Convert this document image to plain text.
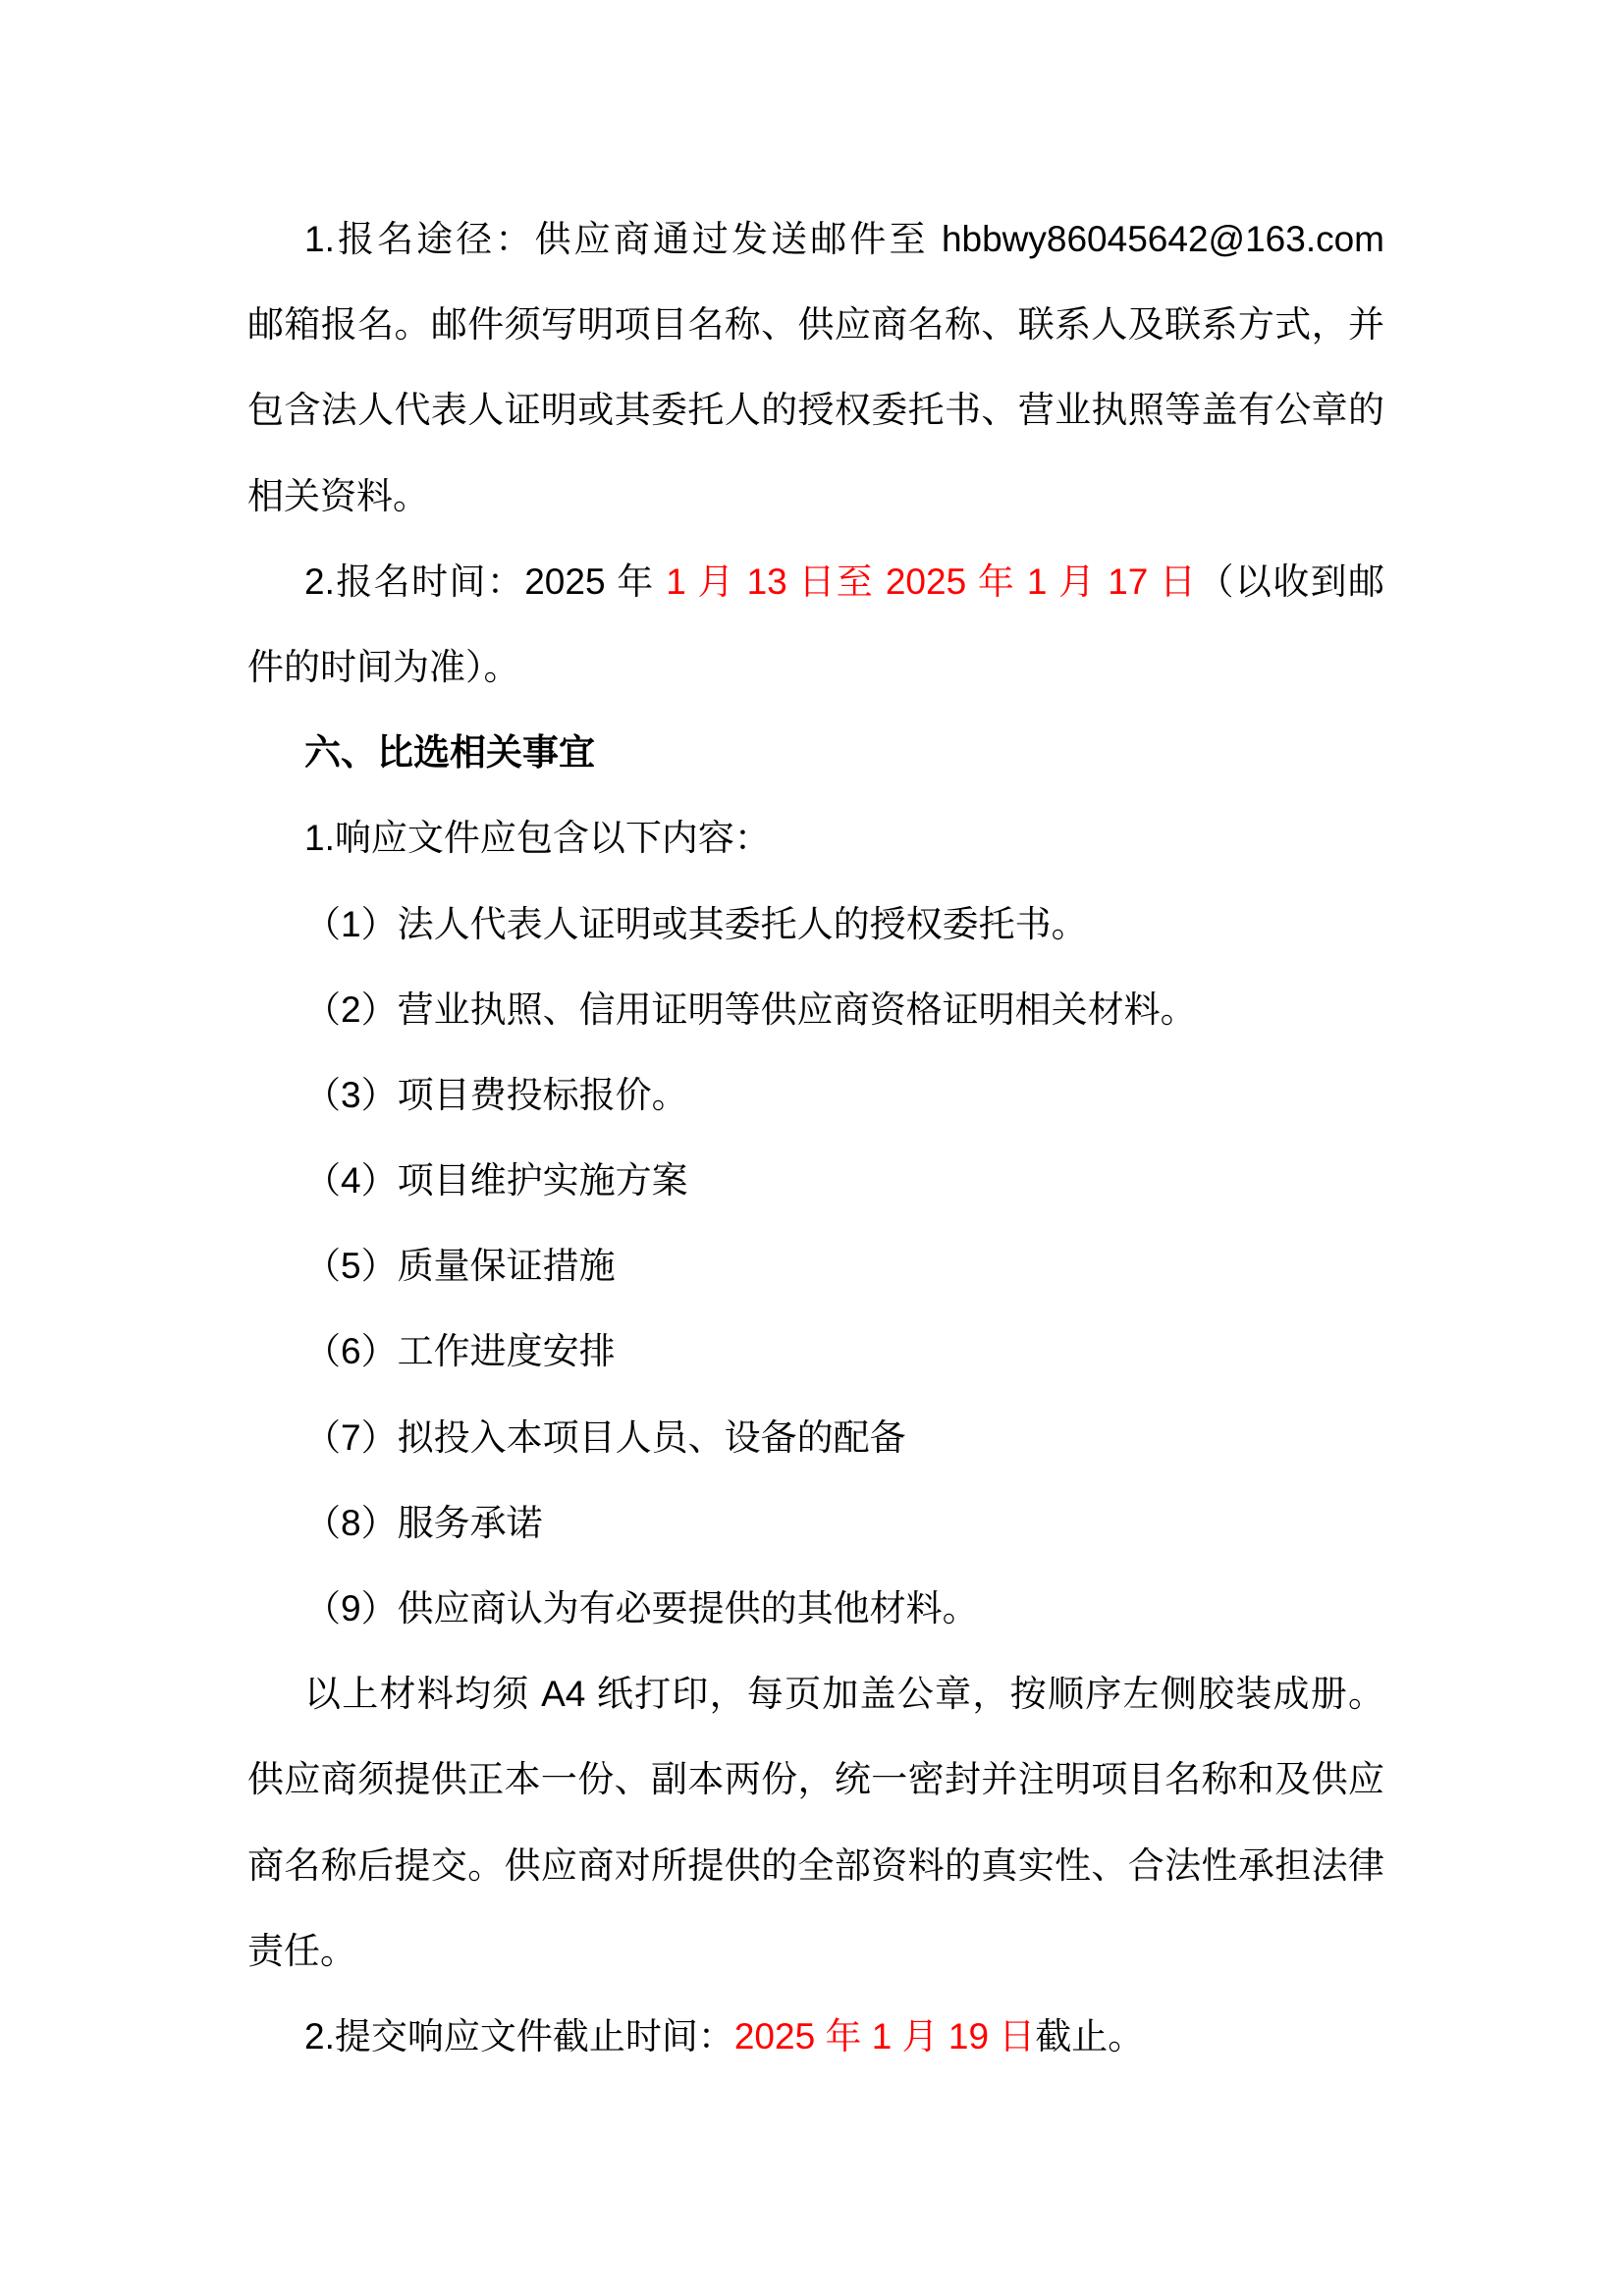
1.报名途径：供应商通过发送邮件至 hbbwy86045642@163.com
邮箱报名。邮件须写明项目名称、供应商名称、联系人及联系方式，并
包含法人代表人证明或其委托人的授权委托书、营业执照等盖有公章的
相关资料。
2.报名时间：2025 年 1 月 13 日至 2025 年 1 月 17 日（以收到邮
件的时间为准）。
六、比选相关事宜
1.响应文件应包含以下内容：
（1）法人代表人证明或其委托人的授权委托书。
（2）营业执照、信用证明等供应商资格证明相关材料。
（3）项目费投标报价。
（4）项目维护实施方案
（5）质量保证措施
（6）工作进度安排
（7）拟投入本项目人员、设备的配备
（8）服务承诺
（9）供应商认为有必要提供的其他材料。
以上材料均须 A4 纸打印，每页加盖公章，按顺序左侧胶装成册。
供应商须提供正本一份、副本两份，统一密封并注明项目名称和及供应
商名称后提交。供应商对所提供的全部资料的真实性、合法性承担法律
责任。
2.提交响应文件截止时间：2025 年 1 月 19 日截止。
